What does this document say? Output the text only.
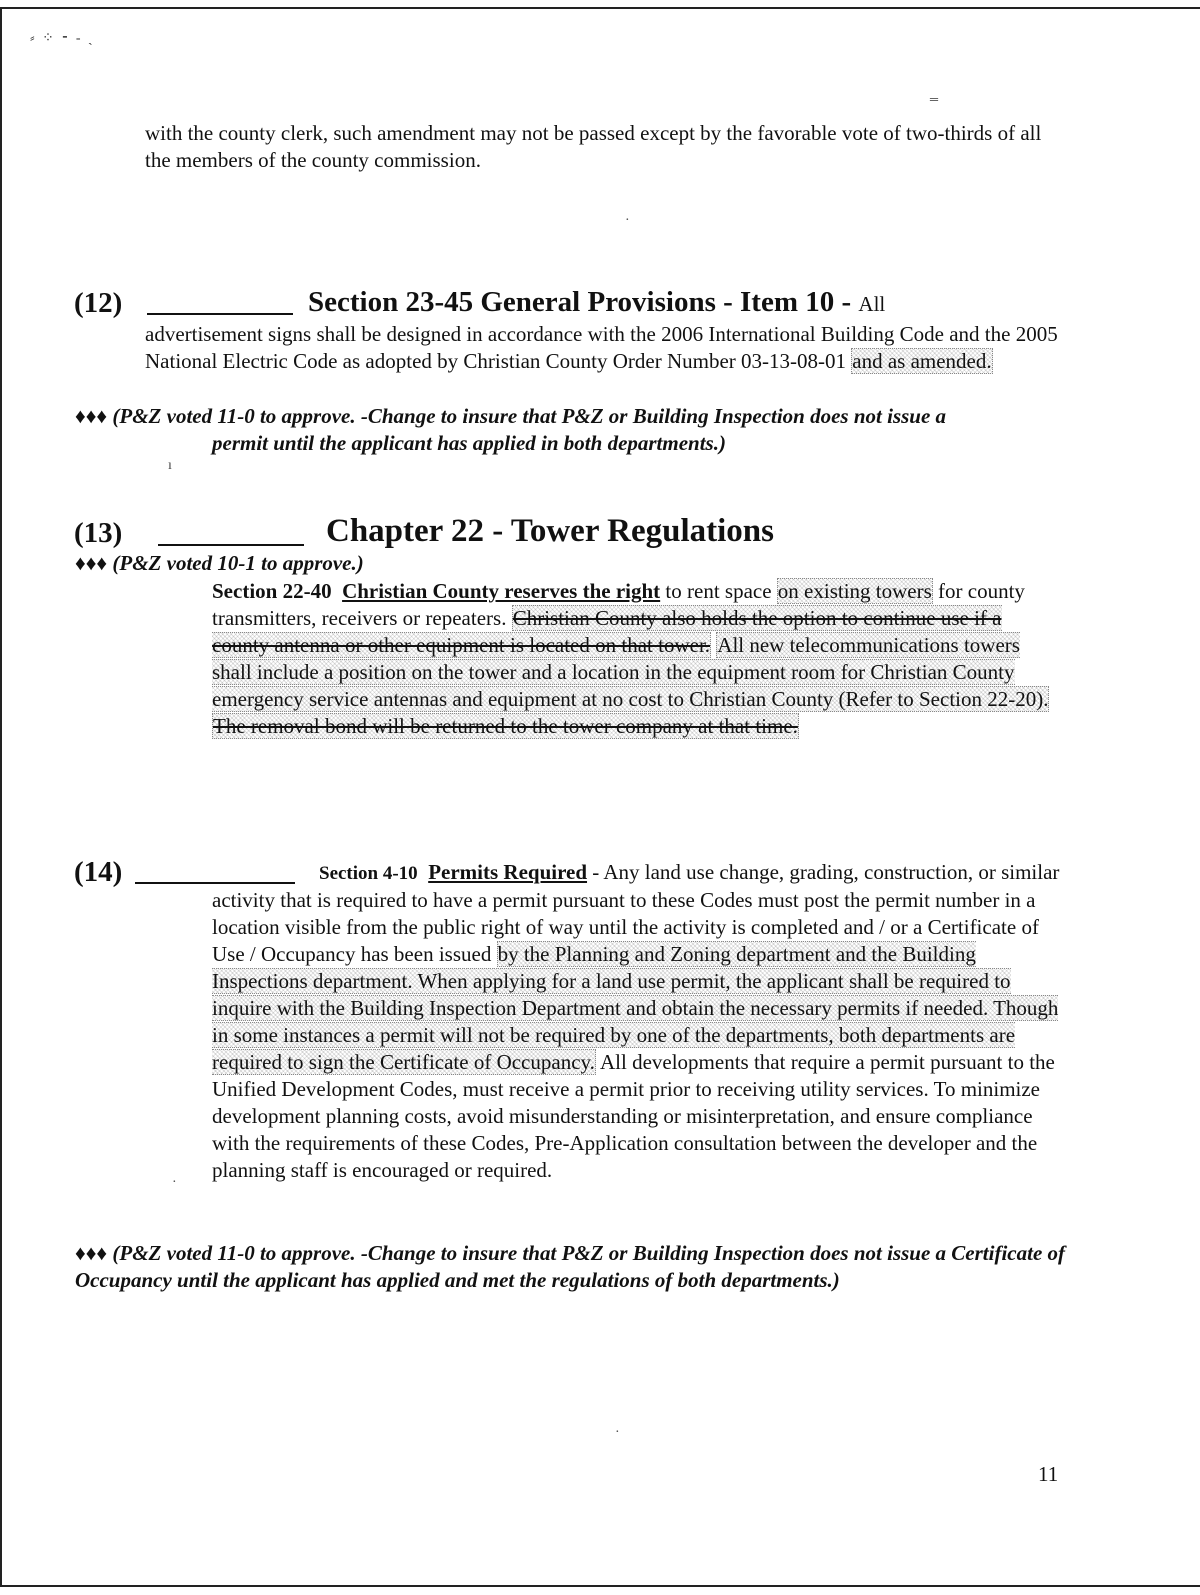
⸗ ⁘ ⁃ ‐ ˏ
‗
with the county clerk, such amendment may not be passed except by the favorable vote of two-thirds of all the members of the county commission.
·
(12)	Section 23-45 General Provisions - Item 10 - All
advertisement signs shall be designed in accordance with the 2006 International Building Code and the 2005 National Electric Code as adopted by Christian County Order Number 03-13-08-01 and as amended.
♦♦♦ (P&Z voted 11-0 to approve. -Change to insure that P&Z or Building Inspection does not issue a
permit until the applicant has applied in both departments.)
ı
(13)	Chapter 22 - Tower Regulations
♦♦♦ (P&Z voted 10-1 to approve.)
Section 22-40 Christian County reserves the right to rent space on existing towers for county transmitters, receivers or repeaters. Christian County also holds the option to continue use if a county antenna or other equipment is located on that tower. All new telecommunications towers shall include a position on the tower and a location in the equipment room for Christian County emergency service antennas and equipment at no cost to Christian County (Refer to Section 22-20). The removal bond will be returned to the tower company at that time.
(14)	Section 4-10 Permits Required - Any land use change, grading, construction, or similar activity that is required to have a permit pursuant to these Codes must post the permit number in a location visible from the public right of way until the activity is completed and / or a Certificate of Use / Occupancy has been issued by the Planning and Zoning department and the Building Inspections department. When applying for a land use permit, the applicant shall be required to inquire with the Building Inspection Department and obtain the necessary permits if needed. Though in some instances a permit will not be required by one of the departments, both departments are required to sign the Certificate of Occupancy. All developments that require a permit pursuant to the Unified Development Codes, must receive a permit prior to receiving utility services. To minimize development planning costs, avoid misunderstanding or misinterpretation, and ensure compliance with the requirements of these Codes, Pre-Application consultation between the developer and the planning staff is encouraged or required.
·
♦♦♦ (P&Z voted 11-0 to approve. -Change to insure that P&Z or Building Inspection does not issue a Certificate of Occupancy until the applicant has applied and met the regulations of both departments.)
·
11
